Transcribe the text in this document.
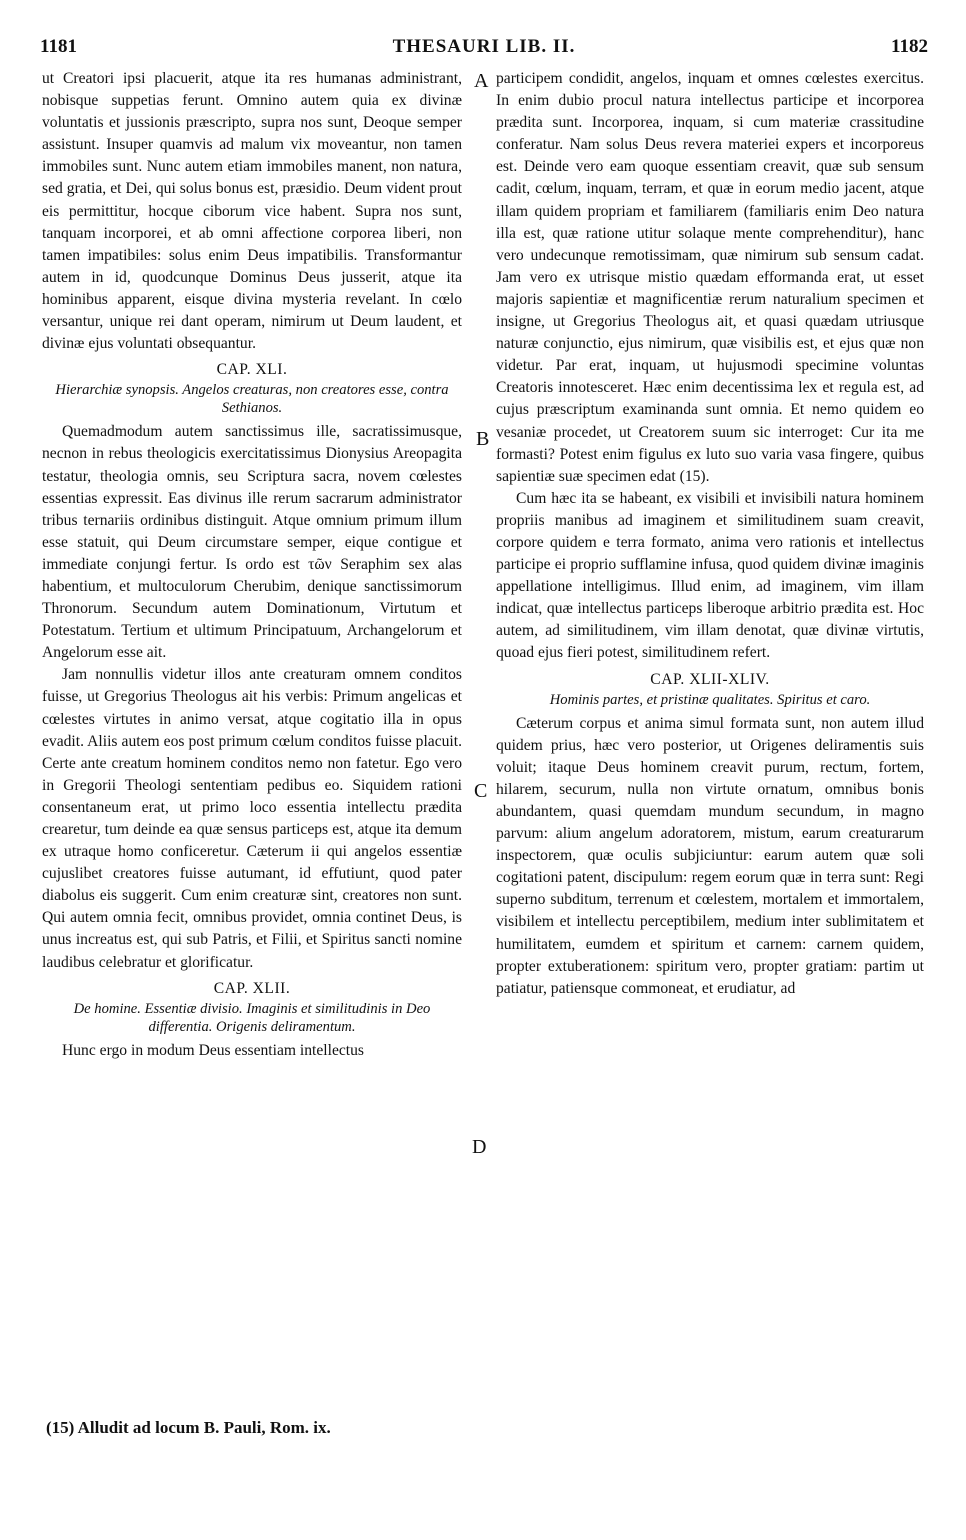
1181	THESAURI LIB. II.	1182

ut Creatori ipsi placuerit, atque ita res humanas administrant, nobisque suppetias ferunt. Omnino autem quia ex divinæ voluntatis et jussionis præscripto, supra nos sunt, Deoque semper assistunt. Insuper quamvis ad malum vix moveantur, non tamen immobiles sunt. Nunc autem etiam immobiles manent, non natura, sed gratia, et Dei, qui solus bonus est, præsidio. Deum vident prout eis permittitur, hocque ciborum vice habent. Supra nos sunt, tanquam incorporei, et ab omni affectione corporea liberi, non tamen impatibiles: solus enim Deus impatibilis. Transformantur autem in id, quodcunque Dominus Deus jusserit, atque ita hominibus apparent, eisque divina mysteria revelant. In cœlo versantur, unique rei dant operam, nimirum ut Deum laudent, et divinæ ejus voluntati obsequantur.

CAP. XLI.
Hierarchiæ synopsis. Angelos creaturas, non creatores esse, contra Sethianos.

Quemadmodum autem sanctissimus ille, sacratissimusque, necnon in rebus theologicis exercitatissimus Dionysius Areopagita testatur, theologia omnis, seu Scriptura sacra, novem cœlestes essentias expressit. Eas divinus ille rerum sacrarum administrator tribus ternariis ordinibus distinguit. Atque omnium primum illum esse statuit, qui Deum circumstare semper, eique contigue et immediate conjungi fertur. Is ordo est τῶν Seraphim sex alas habentium, et multoculorum Cherubim, denique sanctissimorum Thronorum. Secundum autem Dominationum, Virtutum et Potestatum. Tertium et ultimum Principatuum, Archangelorum et Angelorum esse ait.

Jam nonnullis videtur illos ante creaturam omnem conditos fuisse, ut Gregorius Theologus ait his verbis: Primum angelicas et cœlestes virtutes in animo versat, atque cogitatio illa in opus evadit. Aliis autem eos post primum cœlum conditos fuisse placuit. Certe ante creatum hominem conditos nemo non fatetur. Ego vero in Gregorii Theologi sententiam pedibus eo. Siquidem rationi consentaneum erat, ut primo loco essentia intellectu prædita crearetur, tum deinde ea quæ sensus particeps est, atque ita demum ex utraque homo conficeretur. Cæterum ii qui angelos essentiæ cujuslibet creatores fuisse autumant, id effutiunt, quod pater diabolus eis suggerit. Cum enim creaturæ sint, creatores non sunt. Qui autem omnia fecit, omnibus providet, omnia continet Deus, is unus increatus est, qui sub Patris, et Filii, et Spiritus sancti nomine laudibus celebratur et glorificatur.

CAP. XLII.
De homine. Essentiæ divisio. Imaginis et similitudinis in Deo differentia. Origenis deliramentum.

Hunc ergo in modum Deus essentiam intellectus

participem condidit, angelos, inquam et omnes cœlestes exercitus. In enim dubio procul natura intellectus participe et incorporea prædita sunt. Incorporea, inquam, si cum materiæ crassitudine conferatur. Nam solus Deus revera materiei expers et incorporeus est. Deinde vero eam quoque essentiam creavit, quæ sub sensum cadit, cœlum, inquam, terram, et quæ in eorum medio jacent, atque illam quidem propriam et familiarem (familiaris enim Deo natura illa est, quæ ratione utitur solaque mente comprehenditur), hanc vero undecunque remotissimam, quæ nimirum sub sensum cadat. Jam vero ex utrisque mistio quædam efformanda erat, ut esset majoris sapientiæ et magnificentiæ rerum naturalium specimen et insigne, ut Gregorius Theologus ait, et quasi quædam utriusque naturæ conjunctio, ejus nimirum, quæ visibilis est, et ejus quæ non videtur. Par erat, inquam, ut hujusmodi specimine voluntas Creatoris innotesceret. Hæc enim decentissima lex et regula est, ad cujus præscriptum examinanda sunt omnia. Et nemo quidem eo vesaniæ procedet, ut Creatorem suum sic interroget: Cur ita me formasti? Potest enim figulus ex luto suo varia vasa fingere, quibus sapientiæ suæ specimen edat (15).

Cum hæc ita se habeant, ex visibili et invisibili natura hominem propriis manibus ad imaginem et similitudinem suam creavit, corpore quidem e terra formato, anima vero rationis et intellectus participe ei proprio sufflamine infusa, quod quidem divinæ imaginis appellatione intelligimus. Illud enim, ad imaginem, vim illam indicat, quæ intellectus particeps liberoque arbitrio prædita est. Hoc autem, ad similitudinem, vim illam denotat, quæ divinæ virtutis, quoad ejus fieri potest, similitudinem refert.

CAP. XLII-XLIV.
Hominis partes, et pristinæ qualitates. Spiritus et caro.

Cæterum corpus et anima simul formata sunt, non autem illud quidem prius, hæc vero posterior, ut Origenes deliramentis suis voluit; itaque Deus hominem creavit purum, rectum, fortem, hilarem, securum, nulla non virtute ornatum, omnibus bonis abundantem, quasi quemdam mundum secundum, in magno parvum: alium angelum adoratorem, mistum, earum creaturarum inspectorem, quæ oculis subjiciuntur: earum autem quæ soli cogitationi patent, discipulum: regem eorum quæ in terra sunt: Regi superno subditum, terrenum et cœlestem, mortalem et immortalem, visibilem et intellectu perceptibilem, medium inter sublimitatem et humilitatem, eumdem et spiritum et carnem: carnem quidem, propter extuberationem: spiritum vero, propter gratiam: partim ut patiatur, patiensque commoneat, et erudiatur, ad

A
B
C
D
(15) Alludit ad locum B. Pauli, Rom. ix.
